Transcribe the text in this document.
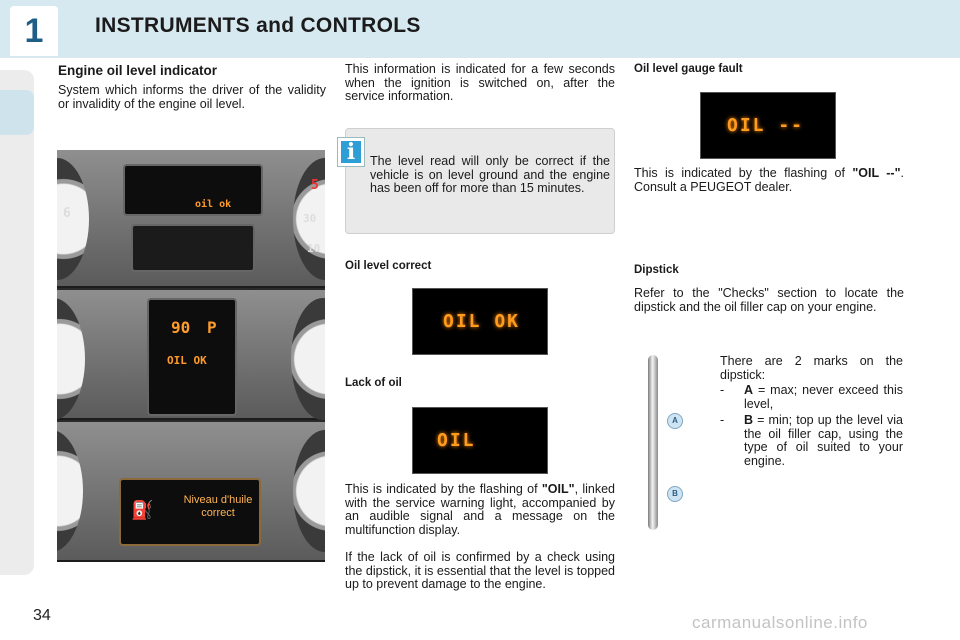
1	INSTRUMENTS and CONTROLS
Engine oil level indicator
System which informs the driver of the validity or invalidity of the engine oil level.
6
5
30
10
oil ok
90 P
OIL OK
⛽	Niveau d'huile
correct
This information is indicated for a few seconds when the ignition is switched on, after the service information.
i	The level read will only be correct if the vehicle is on level ground and the engine has been off for more than 15 minutes.
Oil level correct
OIL OK
Lack of oil
OIL
This is indicated by the flashing of "OIL", linked with the service warning light, accompanied by an audible signal and a message on the multifunction display.
If the lack of oil is confirmed by a check using the dipstick, it is essential that the level is topped up to prevent damage to the engine.
Oil level gauge fault
OIL --
This is indicated by the flashing of "OIL --". Consult a PEUGEOT dealer.
Dipstick
Refer to the "Checks" section to locate the dipstick and the oil filler cap on your engine.
A
B
There are 2 marks on the dipstick:
-	A = max; never exceed this level,
-	B = min; top up the level via the oil filler cap, using the type of oil suited to your engine.
34	carmanualsonline.info
